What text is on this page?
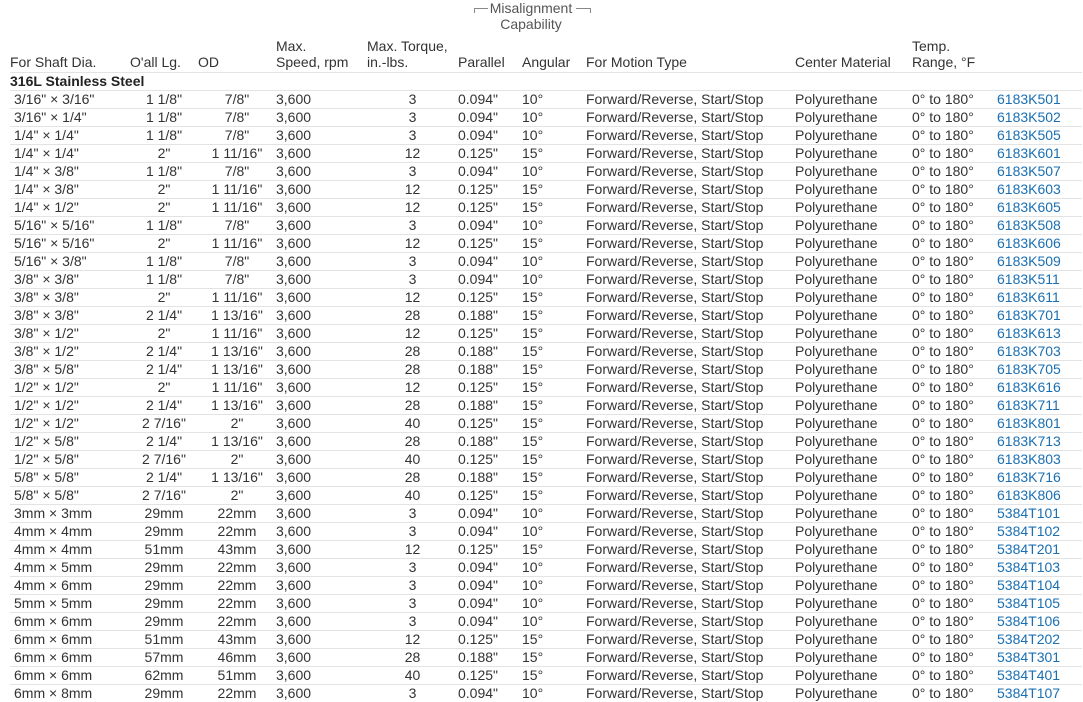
Misalignment
Capability
For Shaft Dia.	O'all Lg.	OD	Max.
Speed, rpm	Max. Torque,
in.-lbs.	Parallel	Angular	For Motion Type	Center Material	Temp.
Range, °F	
316L Stainless Steel										
3/16" × 3/16"	1 1/8"	7/8"	3,600	3	0.094"	10°	Forward/Reverse, Start/Stop	Polyurethane	0° to 180°	6183K501
3/16" × 1/4"	1 1/8"	7/8"	3,600	3	0.094"	10°	Forward/Reverse, Start/Stop	Polyurethane	0° to 180°	6183K502
1/4" × 1/4"	1 1/8"	7/8"	3,600	3	0.094"	10°	Forward/Reverse, Start/Stop	Polyurethane	0° to 180°	6183K505
1/4" × 1/4"	2"	1 11/16"	3,600	12	0.125"	15°	Forward/Reverse, Start/Stop	Polyurethane	0° to 180°	6183K601
1/4" × 3/8"	1 1/8"	7/8"	3,600	3	0.094"	10°	Forward/Reverse, Start/Stop	Polyurethane	0° to 180°	6183K507
1/4" × 3/8"	2"	1 11/16"	3,600	12	0.125"	15°	Forward/Reverse, Start/Stop	Polyurethane	0° to 180°	6183K603
1/4" × 1/2"	2"	1 11/16"	3,600	12	0.125"	15°	Forward/Reverse, Start/Stop	Polyurethane	0° to 180°	6183K605
5/16" × 5/16"	1 1/8"	7/8"	3,600	3	0.094"	10°	Forward/Reverse, Start/Stop	Polyurethane	0° to 180°	6183K508
5/16" × 5/16"	2"	1 11/16"	3,600	12	0.125"	15°	Forward/Reverse, Start/Stop	Polyurethane	0° to 180°	6183K606
5/16" × 3/8"	1 1/8"	7/8"	3,600	3	0.094"	10°	Forward/Reverse, Start/Stop	Polyurethane	0° to 180°	6183K509
3/8" × 3/8"	1 1/8"	7/8"	3,600	3	0.094"	10°	Forward/Reverse, Start/Stop	Polyurethane	0° to 180°	6183K511
3/8" × 3/8"	2"	1 11/16"	3,600	12	0.125"	15°	Forward/Reverse, Start/Stop	Polyurethane	0° to 180°	6183K611
3/8" × 3/8"	2 1/4"	1 13/16"	3,600	28	0.188"	15°	Forward/Reverse, Start/Stop	Polyurethane	0° to 180°	6183K701
3/8" × 1/2"	2"	1 11/16"	3,600	12	0.125"	15°	Forward/Reverse, Start/Stop	Polyurethane	0° to 180°	6183K613
3/8" × 1/2"	2 1/4"	1 13/16"	3,600	28	0.188"	15°	Forward/Reverse, Start/Stop	Polyurethane	0° to 180°	6183K703
3/8" × 5/8"	2 1/4"	1 13/16"	3,600	28	0.188"	15°	Forward/Reverse, Start/Stop	Polyurethane	0° to 180°	6183K705
1/2" × 1/2"	2"	1 11/16"	3,600	12	0.125"	15°	Forward/Reverse, Start/Stop	Polyurethane	0° to 180°	6183K616
1/2" × 1/2"	2 1/4"	1 13/16"	3,600	28	0.188"	15°	Forward/Reverse, Start/Stop	Polyurethane	0° to 180°	6183K711
1/2" × 1/2"	2 7/16"	2"	3,600	40	0.125"	15°	Forward/Reverse, Start/Stop	Polyurethane	0° to 180°	6183K801
1/2" × 5/8"	2 1/4"	1 13/16"	3,600	28	0.188"	15°	Forward/Reverse, Start/Stop	Polyurethane	0° to 180°	6183K713
1/2" × 5/8"	2 7/16"	2"	3,600	40	0.125"	15°	Forward/Reverse, Start/Stop	Polyurethane	0° to 180°	6183K803
5/8" × 5/8"	2 1/4"	1 13/16"	3,600	28	0.188"	15°	Forward/Reverse, Start/Stop	Polyurethane	0° to 180°	6183K716
5/8" × 5/8"	2 7/16"	2"	3,600	40	0.125"	15°	Forward/Reverse, Start/Stop	Polyurethane	0° to 180°	6183K806
3mm × 3mm	29mm	22mm	3,600	3	0.094"	10°	Forward/Reverse, Start/Stop	Polyurethane	0° to 180°	5384T101
4mm × 4mm	29mm	22mm	3,600	3	0.094"	10°	Forward/Reverse, Start/Stop	Polyurethane	0° to 180°	5384T102
4mm × 4mm	51mm	43mm	3,600	12	0.125"	15°	Forward/Reverse, Start/Stop	Polyurethane	0° to 180°	5384T201
4mm × 5mm	29mm	22mm	3,600	3	0.094"	10°	Forward/Reverse, Start/Stop	Polyurethane	0° to 180°	5384T103
4mm × 6mm	29mm	22mm	3,600	3	0.094"	10°	Forward/Reverse, Start/Stop	Polyurethane	0° to 180°	5384T104
5mm × 5mm	29mm	22mm	3,600	3	0.094"	10°	Forward/Reverse, Start/Stop	Polyurethane	0° to 180°	5384T105
6mm × 6mm	29mm	22mm	3,600	3	0.094"	10°	Forward/Reverse, Start/Stop	Polyurethane	0° to 180°	5384T106
6mm × 6mm	51mm	43mm	3,600	12	0.125"	15°	Forward/Reverse, Start/Stop	Polyurethane	0° to 180°	5384T202
6mm × 6mm	57mm	46mm	3,600	28	0.188"	15°	Forward/Reverse, Start/Stop	Polyurethane	0° to 180°	5384T301
6mm × 6mm	62mm	51mm	3,600	40	0.125"	15°	Forward/Reverse, Start/Stop	Polyurethane	0° to 180°	5384T401
6mm × 8mm	29mm	22mm	3,600	3	0.094"	10°	Forward/Reverse, Start/Stop	Polyurethane	0° to 180°	5384T107
